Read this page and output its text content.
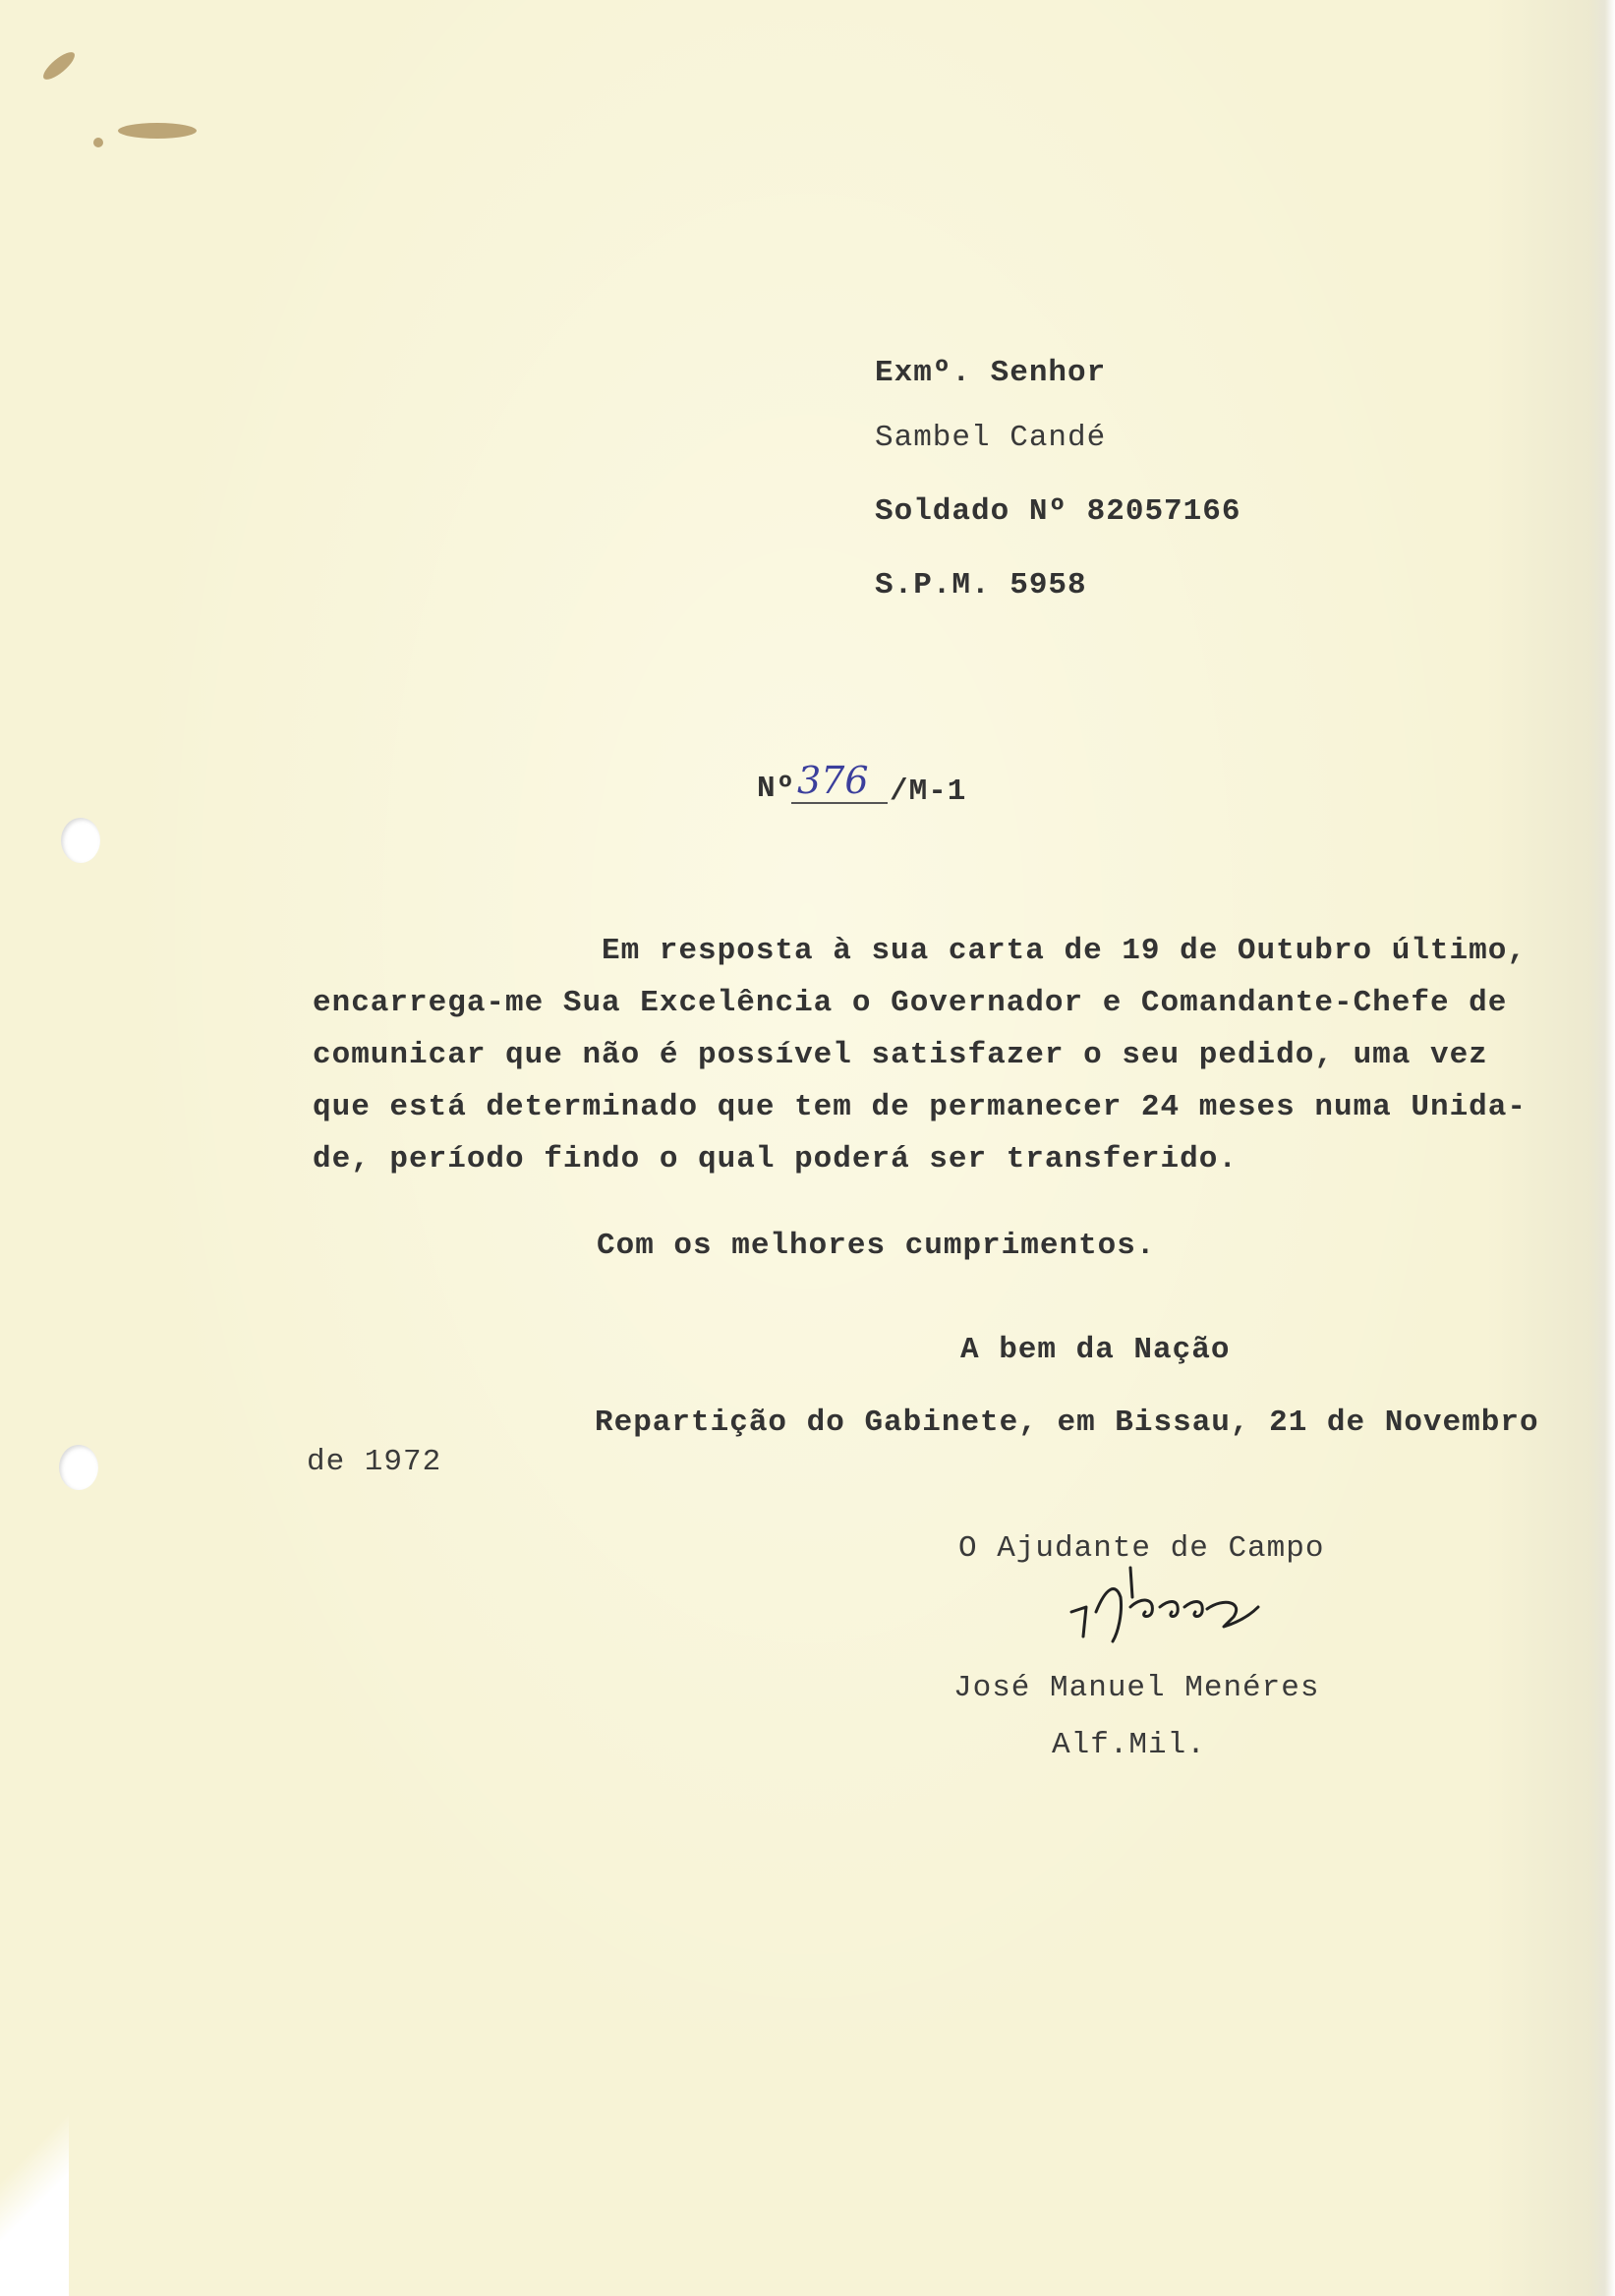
Exmº. Senhor
Sambel Candé
Soldado Nº 82057166
S.P.M. 5958
Nº 376 /M-1
Em resposta à sua carta de 19 de Outubro último,
encarrega-me Sua Excelência o Governador e Comandante-Chefe de
comunicar que não é possível satisfazer o seu pedido, uma vez
que está determinado que tem de permanecer 24 meses numa Unida-
de, período findo o qual poderá ser transferido.
Com os melhores cumprimentos.
A bem da Nação
Repartição do Gabinete, em Bissau, 21 de Novembro
de 1972
O Ajudante de Campo
José Manuel Menéres
Alf.Mil.
